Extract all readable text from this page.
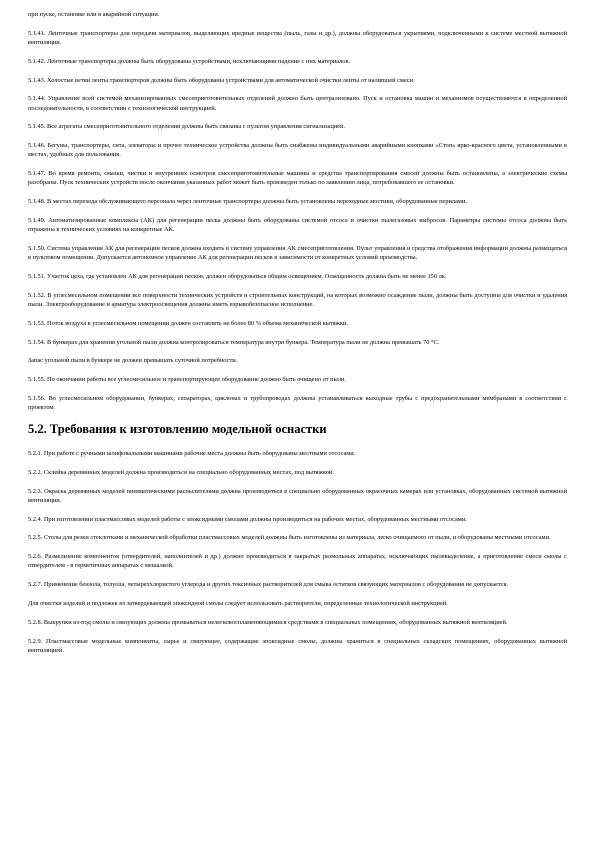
при пуске, остановке или в аварийной ситуации.

5.1.41. Ленточные транспортеры для передачи материалов, выделяющих вредные вещества (пыль, газы и др.), должны оборудоваться укрытиями, подключенными к системе местной вытяжной вентиляции.

5.1.42. Ленточные транспортеры должны быть оборудованы устройствами, исключающими падение с них материалов.

5.1.43. Холостые ветви ленты транспортеров должны быть оборудованы устройствами для автоматической очистки ленты от налипшей смеси.

5.1.44. Управление всей системой механизированных смесеприготовительных отделений должно быть централизовано. Пуск и остановка машин и механизмов осуществляются в определенной последовательности, в соответствии с технологической инструкцией.

5.1.45. Все агрегаты смесеприготовительного отделения должны быть связаны с пультом управления сигнализацией.

5.1.46. Бегуны, транспортеры, сита, элеваторы и прочее техническое устройства должны быть снабжены индивидуальными аварийными кнопками «Стоп» ярко-красного цвета, установленными в местах, удобных для пользования.

5.1.47. Во время ремонта, смазки, чистки и внутренних осмотров смесеприготовительные машины и средства транспортирования смесей должны быть остановлены, а электрические схемы разобраны. Пуск технических устройств после окончания указанных работ может быть произведен только по заявлению лица, потребовавшего ее остановки.

5.1.48. В местах перехода обслуживающего персонала через ленточные транспортеры должны быть установлены переходные мостики, оборудованные перилами.

5.1.49. Автоматизированные комплексы (АК) для регенерации песка должны быть оборудованы системой отсоса и очистки пылегазовых выбросов. Параметры системы отсоса должны быть отражены в технических условиях на конкретные АК.

5.1.50. Система управления АК для регенерации песков должна входить в систему управления АК смесеприготовления. Пульт управления и средства отображения информации должны размещаться в пультовом помещении. Допускается автономное управление АК для регенерации песков в зависимости от конкретных условий производства.

5.1.51. Участок цеха, где установлен АК для регенерации песков, должен оборудоваться общим освещением. Освещенность должна быть не менее 150 лк.

5.1.52. В углесмесильном помещении все поверхности технических устройств и строительных конструкций, на которых возможно осаждение пыли, должны быть доступны для очистки и удаления пыли. Электрооборудование и арматура электроосвещения должны иметь взрывобезопасное исполнение.

5.1.53. Поток воздуха в углесмесильном помещении должен составлять не более 80 % объема механической вытяжки.

5.1.54. В бункерах для хранения угольной пыли должна контролироваться температура внутри бункера. Температура пыли не должна превышать 70 °С.

Запас угольной пыли в бункере не должен превышать суточной потребности.

5.1.55. По окончании работы все углесмесильное и транспортирующее оборудование должно быть очищено от пыли.

5.1.56. Во углесмесильном оборудовании, бункерах, сепараторах, циклонах и трубопроводах должны устанавливаться выходные трубы с предохранительными мембранами в соответствии с проектом.

5.2. Требования к изготовлению модельной оснастки

5.2.1. При работе с ручными шлифовальными машинами рабочие места должны быть оборудованы местными отсосами.

5.2.2. Склейка деревянных моделей должна производиться на специально оборудованных местах, под вытяжкой.

5.2.3. Окраска деревянных моделей пневматическими распылителями должна производиться в специально оборудованных окрасочных камерах или установках, оборудованных системой вытяжной вентиляции.

5.2.4. При изготовлении пластмассовых моделей работы с эпоксидными смолами должны производиться на рабочих местах, оборудованных местными отсосами.

5.2.5. Столы для резки стеклоткани и механической обработки пластмассовых моделей должны быть изготовлены из материала, легко очищаемого от пыли, и оборудованы местными отсосами.

5.2.6. Размельчение компонентов (отвердителей, наполнителей и др.) должно производиться в закрытых размольных аппаратах, исключающих пылевыделение, а приготовление смеси смолы с отвердителем - в герметичных аппаратах с мешалкой.

5.2.7. Применение бензола, толуола, четыреххлористого углерода и других токсичных растворителей для смыва остатков связующих материалов с оборудования не допускается.

Для очистки изделий и подложек из затвердевающей эпоксидной смолы следует использовать растворители, определенные технологической инструкцией.

5.2.8. Выкрупки из-под смолы и связующих должны промываться нелегковоспламеняющимися средствами в специальных помещениях, оборудованных вытяжной вентиляцией.

5.2.9. Пластмассовые модельные компоненты, сырье и связующее, содержащие эпоксидные смолы, должны храниться в специальных складских помещениях, оборудованных вытяжной вентиляцией.
